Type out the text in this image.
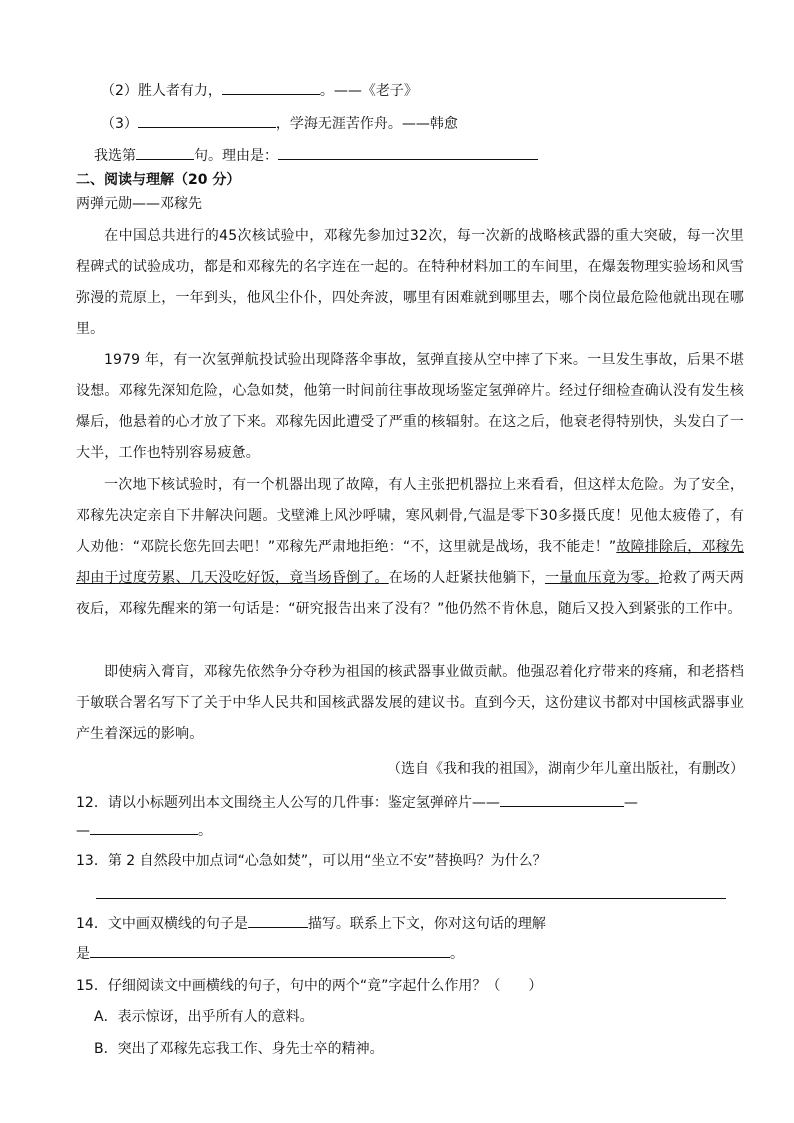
（2）胜人者有力，	。——《老子》
（3）	，学海无涯苦作舟。——韩愈
我选第	句。理由是：
二、阅读与理解（20 分）
两弹元勋——邓稼先
在中国总共进行的45次核试验中，邓稼先参加过32次，每一次新的战略核武器的重大突破，每一次里程碑式的试验成功，都是和邓稼先的名字连在一起的。在特种材料加工的车间里，在爆轰物理实验场和风雪弥漫的荒原上，一年到头，他风尘仆仆，四处奔波，哪里有困难就到哪里去，哪个岗位最危险他就出现在哪里。
1979 年，有一次氢弹航投试验出现降落伞事故，氢弹直接从空中摔了下来。一旦发生事故，后果不堪设想。邓稼先深知危险，心急如焚，他第一时间前往事故现场鉴定氢弹碎片。经过仔细检查确认没有发生核爆后，他悬着的心才放了下来。邓稼先因此遭受了严重的核辐射。在这之后，他衰老得特别快，头发白了一大半，工作也特别容易疲惫。
一次地下核试验时，有一个机器出现了故障，有人主张把机器拉上来看看，但这样太危险。为了安全，邓稼先决定亲自下井解决问题。戈壁滩上风沙呼啸，寒风刺骨,气温是零下30多摄氏度！见他太疲倦了，有人劝他：“邓院长您先回去吧！”邓稼先严肃地拒绝：“不，这里就是战场，我不能走！”故障排除后，邓稼先却由于过度劳累、几天没吃好饭，竟当场昏倒了。在场的人赶紧扶他躺下，一量血压竟为零。抢救了两天两夜后，邓稼先醒来的第一句话是：“研究报告出来了没有？”他仍然不肯休息，随后又投入到紧张的工作中。
即使病入膏肓，邓稼先依然争分夺秒为祖国的核武器事业做贡献。他强忍着化疗带来的疼痛，和老搭档于敏联合署名写下了关于中华人民共和国核武器发展的建议书。直到今天，这份建议书都对中国核武器事业产生着深远的影响。
（选自《我和我的祖国》，湖南少年儿童出版社，有删改）
12．请以小标题列出本文围绕主人公写的几件事：鉴定氢弹碎片——	—
—	。
13．第 2 自然段中加点词“心急如焚”，可以用“坐立不安”替换吗？为什么？
14．文中画双横线的句子是	描写。联系上下文，你对这句话的理解
是	。
15．仔细阅读文中画横线的句子，句中的两个“竟”字起什么作用？（　　）
A．表示惊讶，出乎所有人的意料。
B．突出了邓稼先忘我工作、身先士卒的精神。
